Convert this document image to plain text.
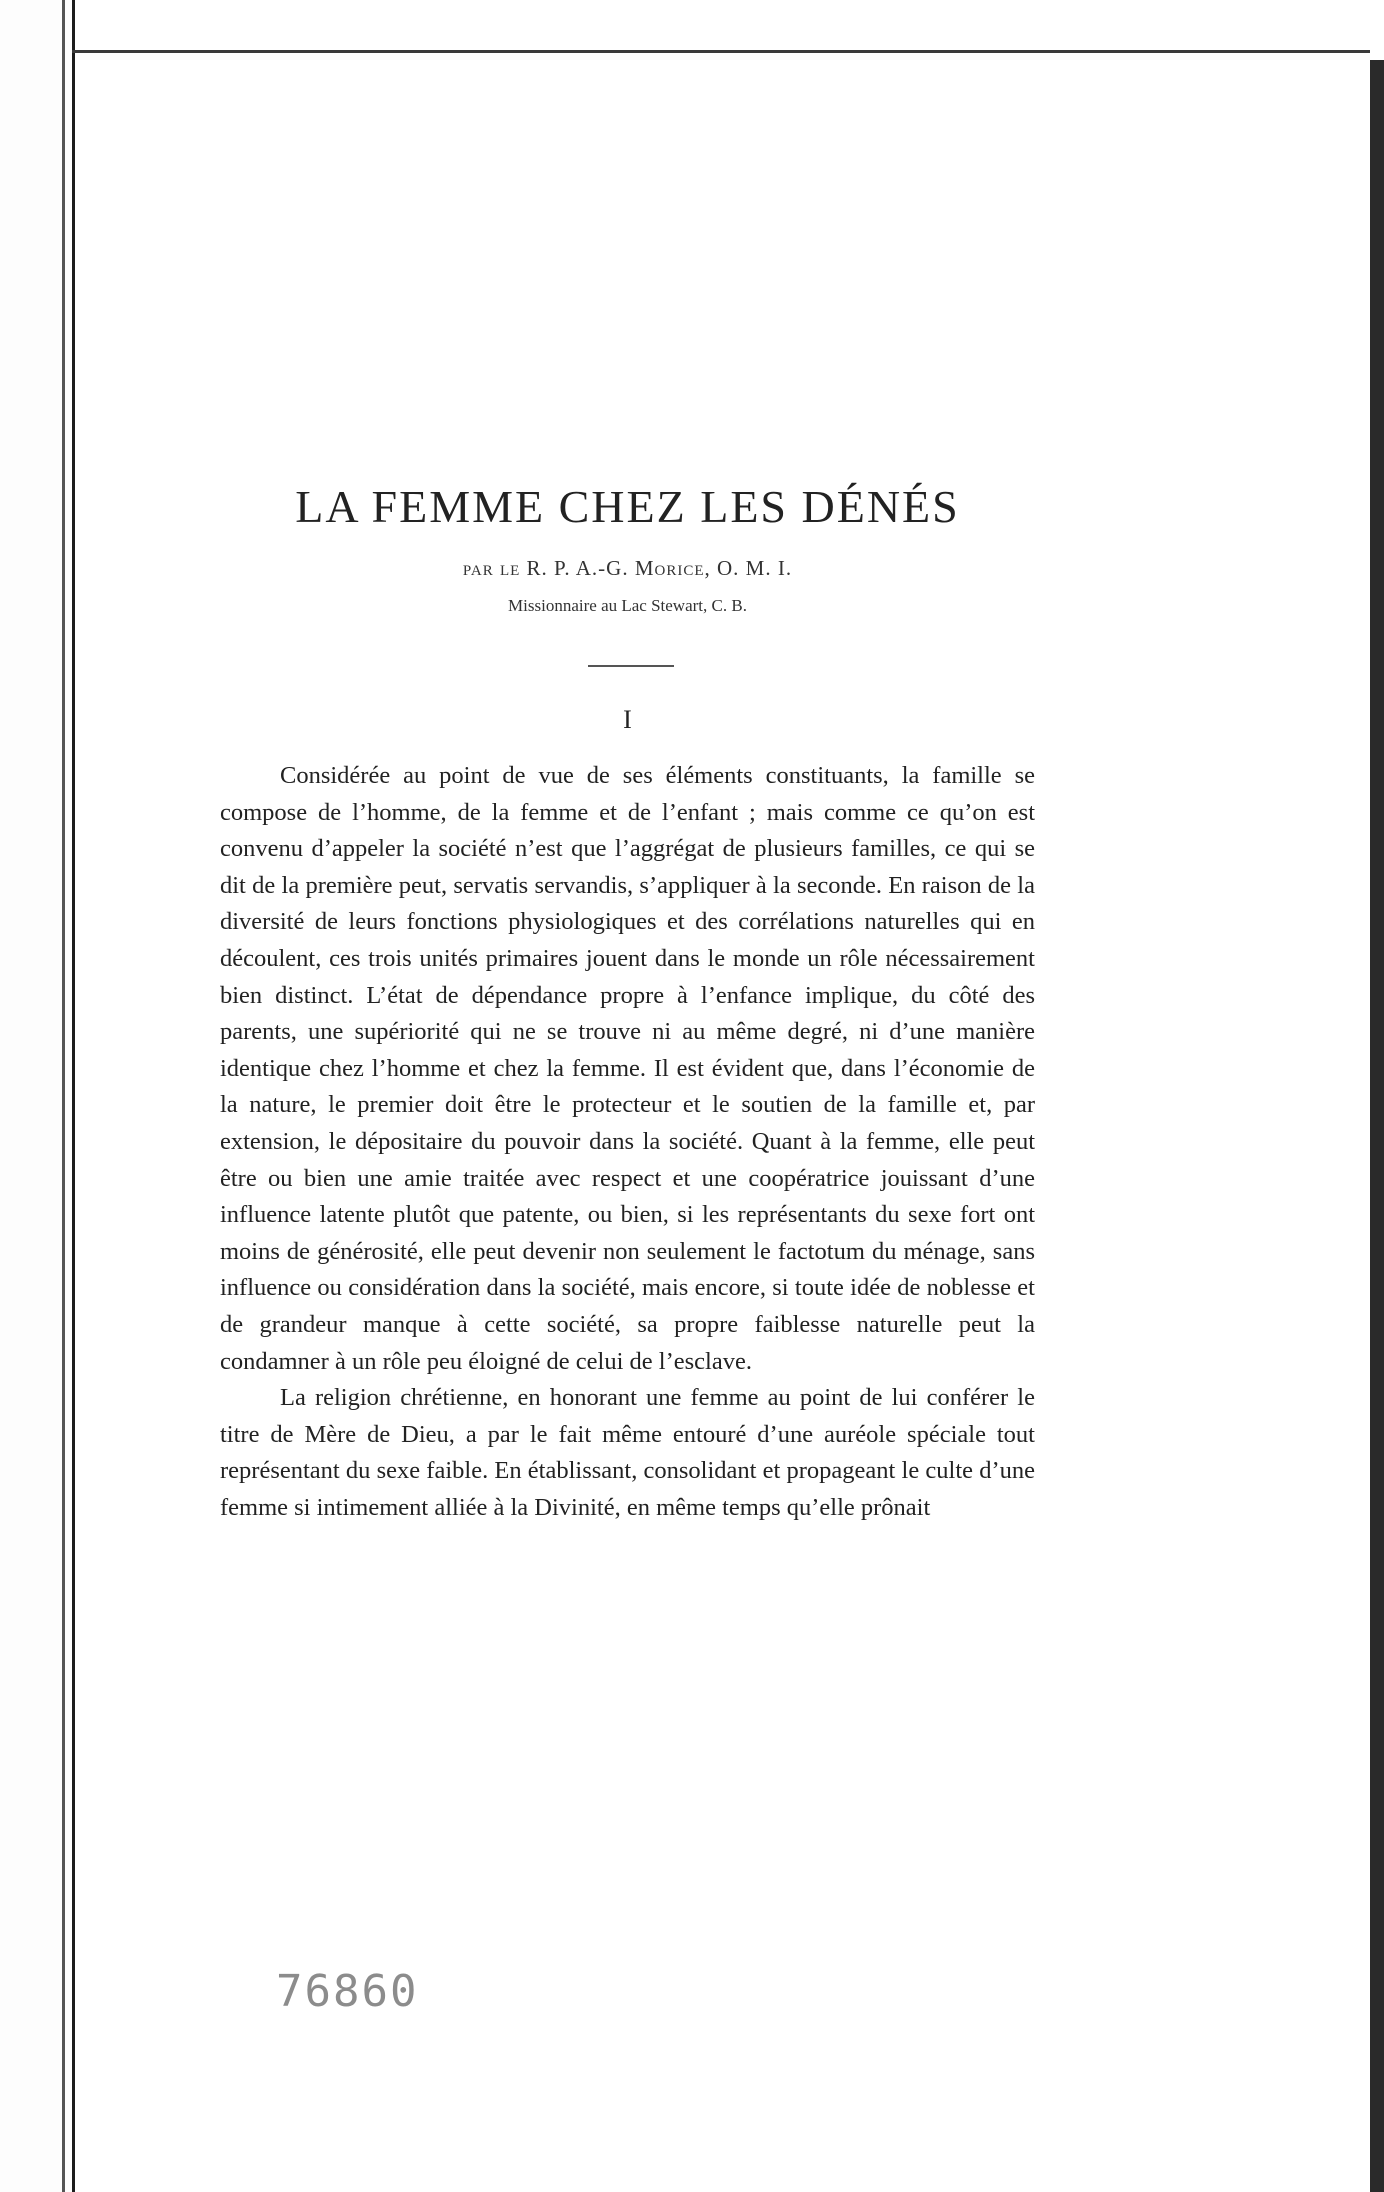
LA FEMME CHEZ LES DÉNÉS
par le R. P. A.-G. Morice, O. M. I.
Missionnaire au Lac Stewart, C. B.
I

Considérée au point de vue de ses éléments constituants, la famille se compose de l’homme, de la femme et de l’enfant ; mais comme ce qu’on est convenu d’appeler la société n’est que l’aggrégat de plusieurs familles, ce qui se dit de la première peut, servatis servandis, s’appliquer à la seconde. En raison de la diversité de leurs fonctions physiologiques et des corrélations naturelles qui en découlent, ces trois unités primaires jouent dans le monde un rôle nécessairement bien distinct. L’état de dépendance propre à l’enfance implique, du côté des parents, une supériorité qui ne se trouve ni au même degré, ni d’une manière identique chez l’homme et chez la femme. Il est évident que, dans l’économie de la nature, le premier doit être le protecteur et le soutien de la famille et, par extension, le dépositaire du pouvoir dans la société. Quant à la femme, elle peut être ou bien une amie traitée avec respect et une coopératrice jouissant d’une influence latente plutôt que patente, ou bien, si les représentants du sexe fort ont moins de générosité, elle peut devenir non seulement le factotum du ménage, sans influence ou considération dans la société, mais encore, si toute idée de noblesse et de grandeur manque à cette société, sa propre faiblesse naturelle peut la condamner à un rôle peu éloigné de celui de l’esclave.

La religion chrétienne, en honorant une femme au point de lui conférer le titre de Mère de Dieu, a par le fait même entouré d’une auréole spéciale tout représentant du sexe faible. En établissant, consolidant et propageant le culte d’une femme si intimement alliée à la Divinité, en même temps qu’elle prônait

76860
